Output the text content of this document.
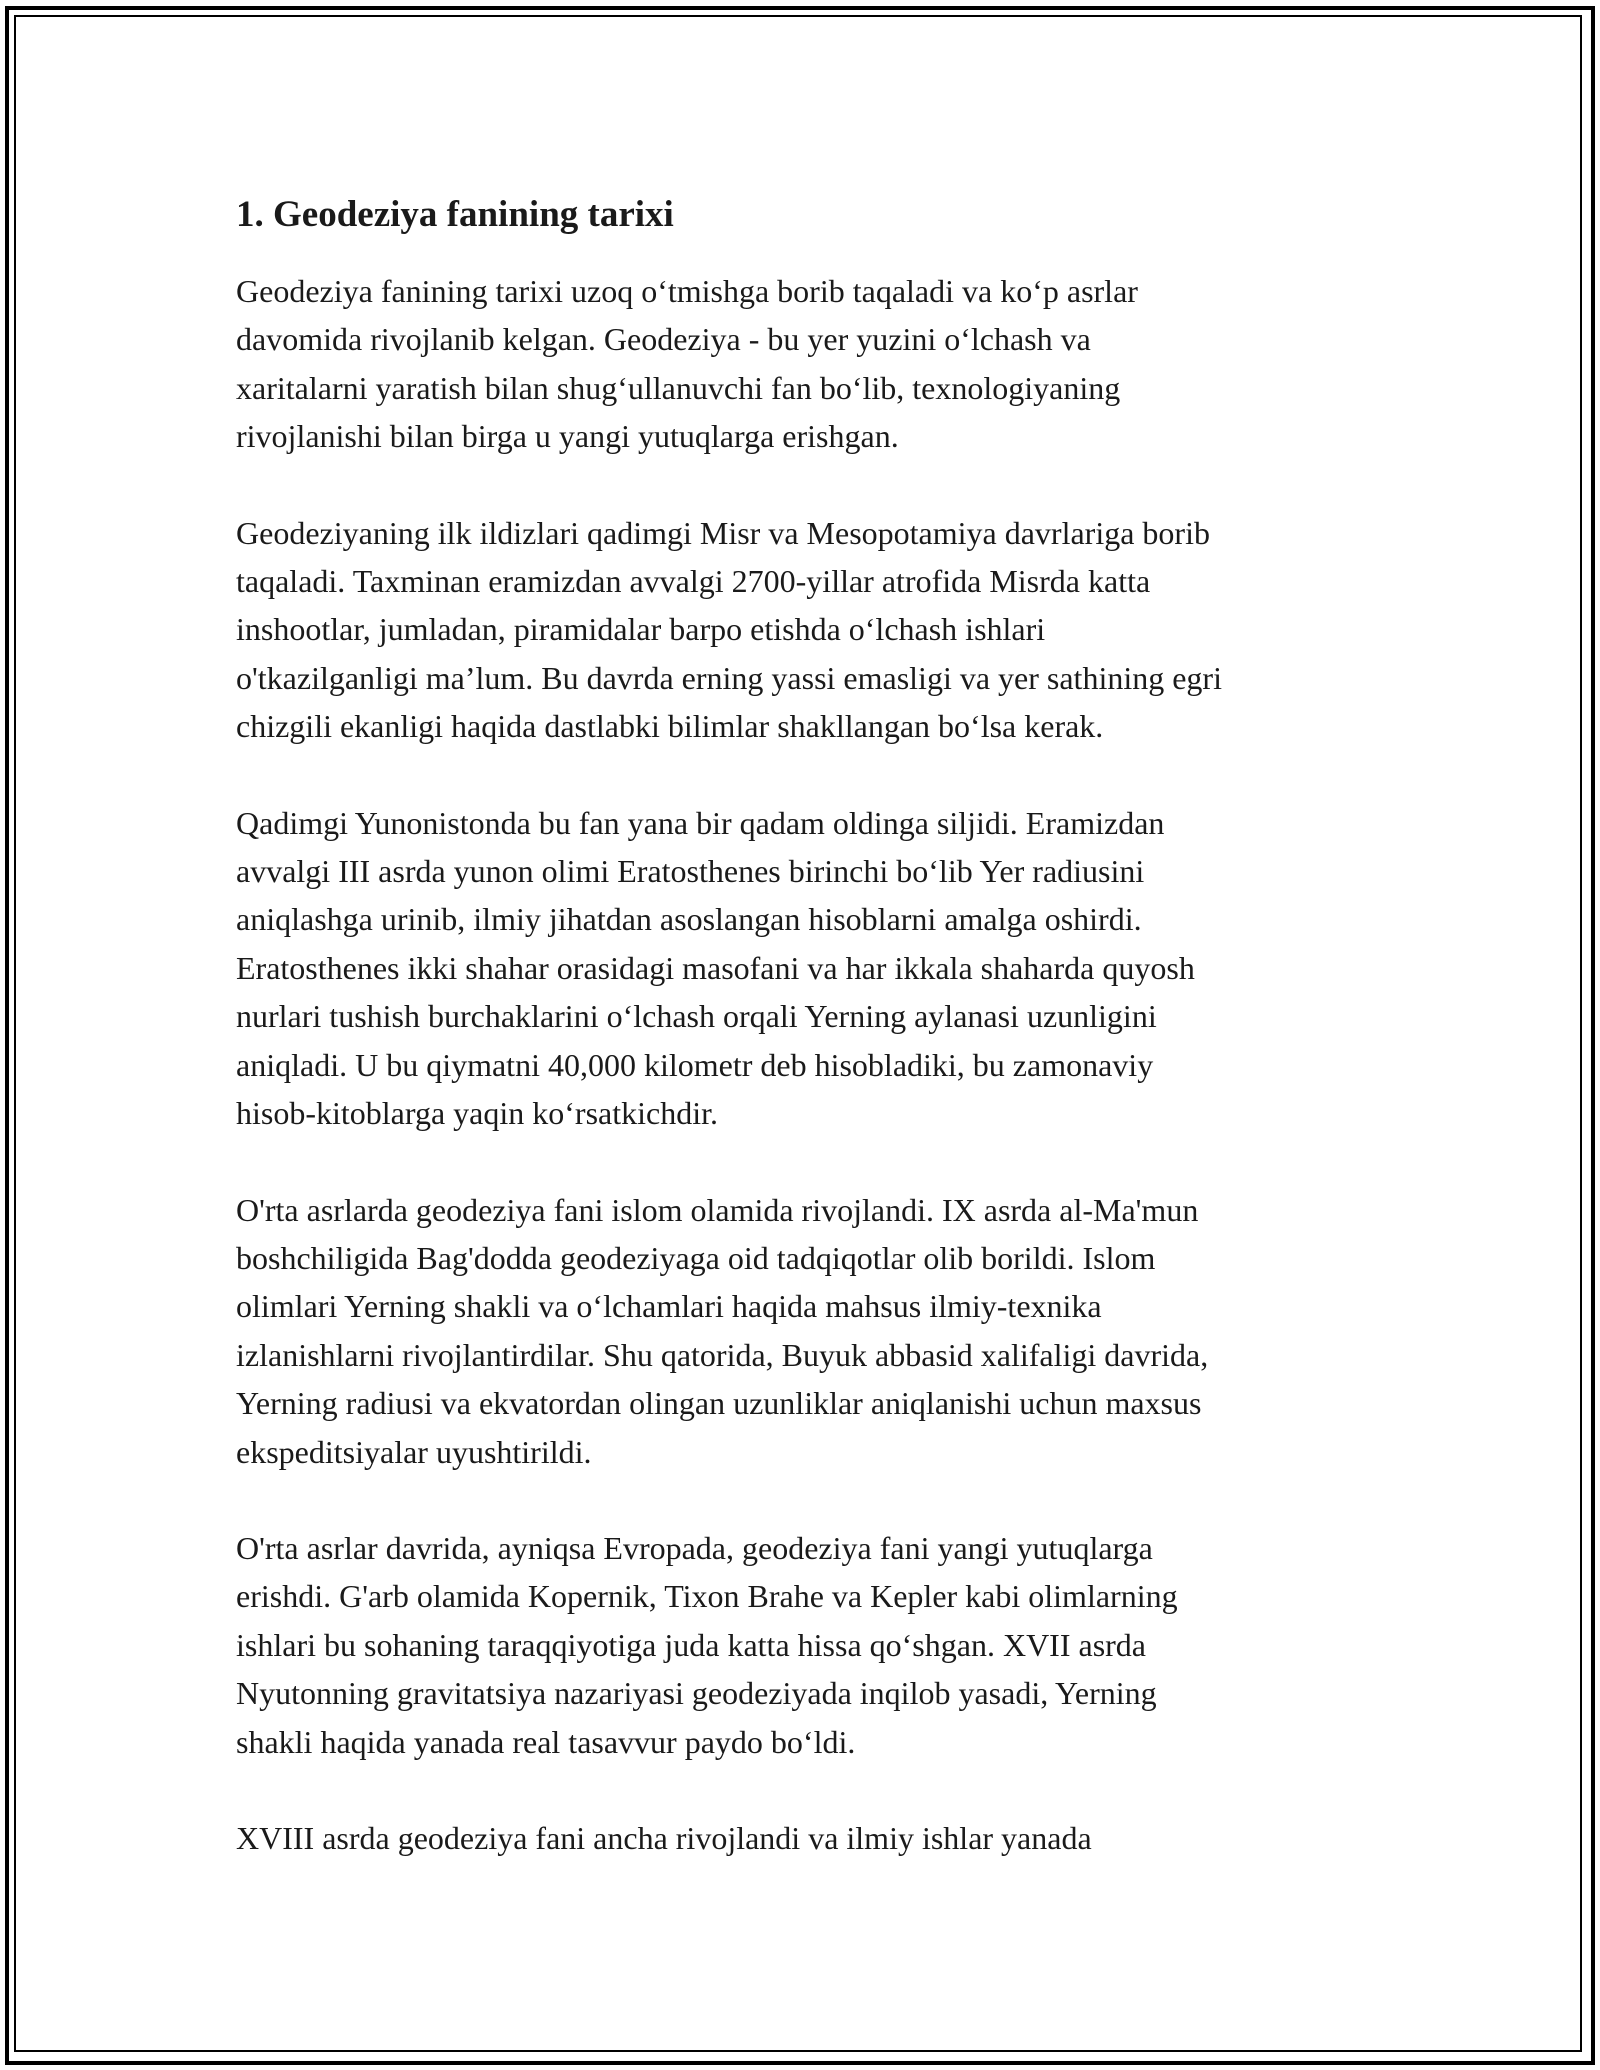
1. Geodeziya fanining tarixi

Geodeziya fanining tarixi uzoq o‘tmishga borib taqaladi va ko‘p asrlar
davomida rivojlanib kelgan. Geodeziya - bu yer yuzini o‘lchash va
xaritalarni yaratish bilan shug‘ullanuvchi fan bo‘lib, texnologiyaning
rivojlanishi bilan birga u yangi yutuqlarga erishgan.

Geodeziyaning ilk ildizlari qadimgi Misr va Mesopotamiya davrlariga borib
taqaladi. Taxminan eramizdan avvalgi 2700-yillar atrofida Misrda katta
inshootlar, jumladan, piramidalar barpo etishda o‘lchash ishlari
o'tkazilganligi ma’lum. Bu davrda erning yassi emasligi va yer sathining egri
chizgili ekanligi haqida dastlabki bilimlar shakllangan bo‘lsa kerak.

Qadimgi Yunonistonda bu fan yana bir qadam oldinga siljidi. Eramizdan
avvalgi III asrda yunon olimi Eratosthenes birinchi bo‘lib Yer radiusini
aniqlashga urinib, ilmiy jihatdan asoslangan hisoblarni amalga oshirdi.
Eratosthenes ikki shahar orasidagi masofani va har ikkala shaharda quyosh
nurlari tushish burchaklarini o‘lchash orqali Yerning aylanasi uzunligini
aniqladi. U bu qiymatni 40,000 kilometr deb hisobladiki, bu zamonaviy
hisob-kitoblarga yaqin ko‘rsatkichdir.

O'rta asrlarda geodeziya fani islom olamida rivojlandi. IX asrda al-Ma'mun
boshchiligida Bag'dodda geodeziyaga oid tadqiqotlar olib borildi. Islom
olimlari Yerning shakli va o‘lchamlari haqida mahsus ilmiy-texnika
izlanishlarni rivojlantirdilar. Shu qatorida, Buyuk abbasid xalifaligi davrida,
Yerning radiusi va ekvatordan olingan uzunliklar aniqlanishi uchun maxsus
ekspeditsiyalar uyushtirildi.

O'rta asrlar davrida, ayniqsa Evropada, geodeziya fani yangi yutuqlarga
erishdi. G'arb olamida Kopernik, Tixon Brahe va Kepler kabi olimlarning
ishlari bu sohaning taraqqiyotiga juda katta hissa qo‘shgan. XVII asrda
Nyutonning gravitatsiya nazariyasi geodeziyada inqilob yasadi, Yerning
shakli haqida yanada real tasavvur paydo bo‘ldi.

XVIII asrda geodeziya fani ancha rivojlandi va ilmiy ishlar yanada
